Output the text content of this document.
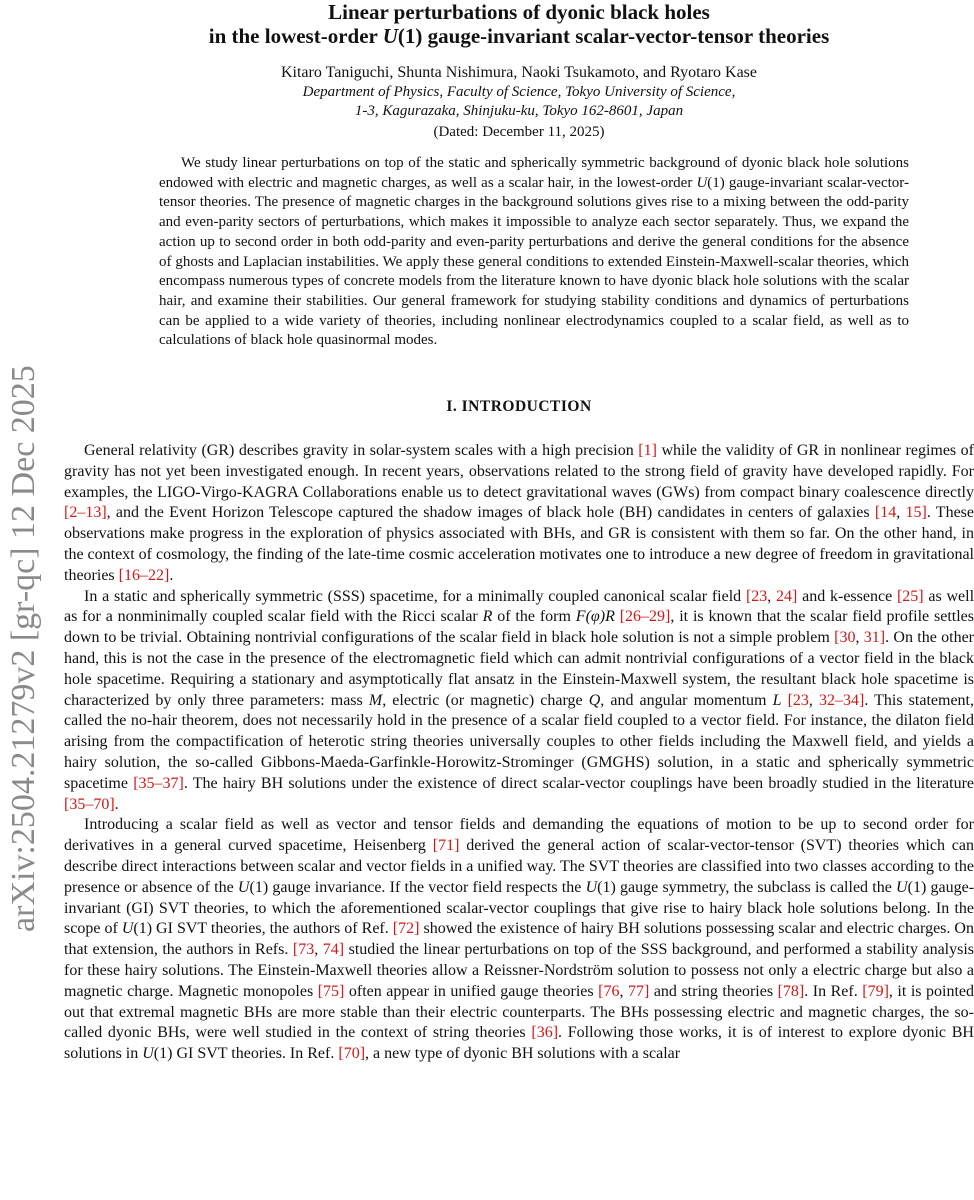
arXiv:2504.21279v2 [gr-qc] 12 Dec 2025
Linear perturbations of dyonic black holes
in the lowest-order U(1) gauge-invariant scalar-vector-tensor theories
Kitaro Taniguchi, Shunta Nishimura, Naoki Tsukamoto, and Ryotaro Kase
Department of Physics, Faculty of Science, Tokyo University of Science,
1-3, Kagurazaka, Shinjuku-ku, Tokyo 162-8601, Japan
(Dated: December 11, 2025)
We study linear perturbations on top of the static and spherically symmetric background of dyonic black hole solutions endowed with electric and magnetic charges, as well as a scalar hair, in the lowest-order U(1) gauge-invariant scalar-vector-tensor theories. The presence of magnetic charges in the background solutions gives rise to a mixing between the odd-parity and even-parity sectors of perturbations, which makes it impossible to analyze each sector separately. Thus, we expand the action up to second order in both odd-parity and even-parity perturbations and derive the general conditions for the absence of ghosts and Laplacian instabilities. We apply these general conditions to extended Einstein-Maxwell-scalar theories, which encompass numerous types of concrete models from the literature known to have dyonic black hole solutions with the scalar hair, and examine their stabilities. Our general framework for studying stability conditions and dynamics of perturbations can be applied to a wide variety of theories, including nonlinear electrodynamics coupled to a scalar field, as well as to calculations of black hole quasinormal modes.
I. INTRODUCTION

General relativity (GR) describes gravity in solar-system scales with a high precision [1] while the validity of GR in nonlinear regimes of gravity has not yet been investigated enough. In recent years, observations related to the strong field of gravity have developed rapidly. For examples, the LIGO-Virgo-KAGRA Collaborations enable us to detect gravitational waves (GWs) from compact binary coalescence directly [2–13], and the Event Horizon Telescope captured the shadow images of black hole (BH) candidates in centers of galaxies [14, 15]. These observations make progress in the exploration of physics associated with BHs, and GR is consistent with them so far. On the other hand, in the context of cosmology, the finding of the late-time cosmic acceleration motivates one to introduce a new degree of freedom in gravitational theories [16–22].

In a static and spherically symmetric (SSS) spacetime, for a minimally coupled canonical scalar field [23, 24] and k-essence [25] as well as for a nonminimally coupled scalar field with the Ricci scalar R of the form F(φ)R [26–29], it is known that the scalar field profile settles down to be trivial. Obtaining nontrivial configurations of the scalar field in black hole solution is not a simple problem [30, 31]. On the other hand, this is not the case in the presence of the electromagnetic field which can admit nontrivial configurations of a vector field in the black hole spacetime. Requiring a stationary and asymptotically flat ansatz in the Einstein-Maxwell system, the resultant black hole spacetime is characterized by only three parameters: mass M, electric (or magnetic) charge Q, and angular momentum L [23, 32–34]. This statement, called the no-hair theorem, does not necessarily hold in the presence of a scalar field coupled to a vector field. For instance, the dilaton field arising from the compactification of heterotic string theories universally couples to other fields including the Maxwell field, and yields a hairy solution, the so-called Gibbons-Maeda-Garfinkle-Horowitz-Strominger (GMGHS) solution, in a static and spherically symmetric spacetime [35–37]. The hairy BH solutions under the existence of direct scalar-vector couplings have been broadly studied in the literature [35–70].

Introducing a scalar field as well as vector and tensor fields and demanding the equations of motion to be up to second order for derivatives in a general curved spacetime, Heisenberg [71] derived the general action of scalar-vector-tensor (SVT) theories which can describe direct interactions between scalar and vector fields in a unified way. The SVT theories are classified into two classes according to the presence or absence of the U(1) gauge invariance. If the vector field respects the U(1) gauge symmetry, the subclass is called the U(1) gauge-invariant (GI) SVT theories, to which the aforementioned scalar-vector couplings that give rise to hairy black hole solutions belong. In the scope of U(1) GI SVT theories, the authors of Ref. [72] showed the existence of hairy BH solutions possessing scalar and electric charges. On that extension, the authors in Refs. [73, 74] studied the linear perturbations on top of the SSS background, and performed a stability analysis for these hairy solutions. The Einstein-Maxwell theories allow a Reissner-Nordström solution to possess not only a electric charge but also a magnetic charge. Magnetic monopoles [75] often appear in unified gauge theories [76, 77] and string theories [78]. In Ref. [79], it is pointed out that extremal magnetic BHs are more stable than their electric counterparts. The BHs possessing electric and magnetic charges, the so-called dyonic BHs, were well studied in the context of string theories [36]. Following those works, it is of interest to explore dyonic BH solutions in U(1) GI SVT theories. In Ref. [70], a new type of dyonic BH solutions with a scalar
